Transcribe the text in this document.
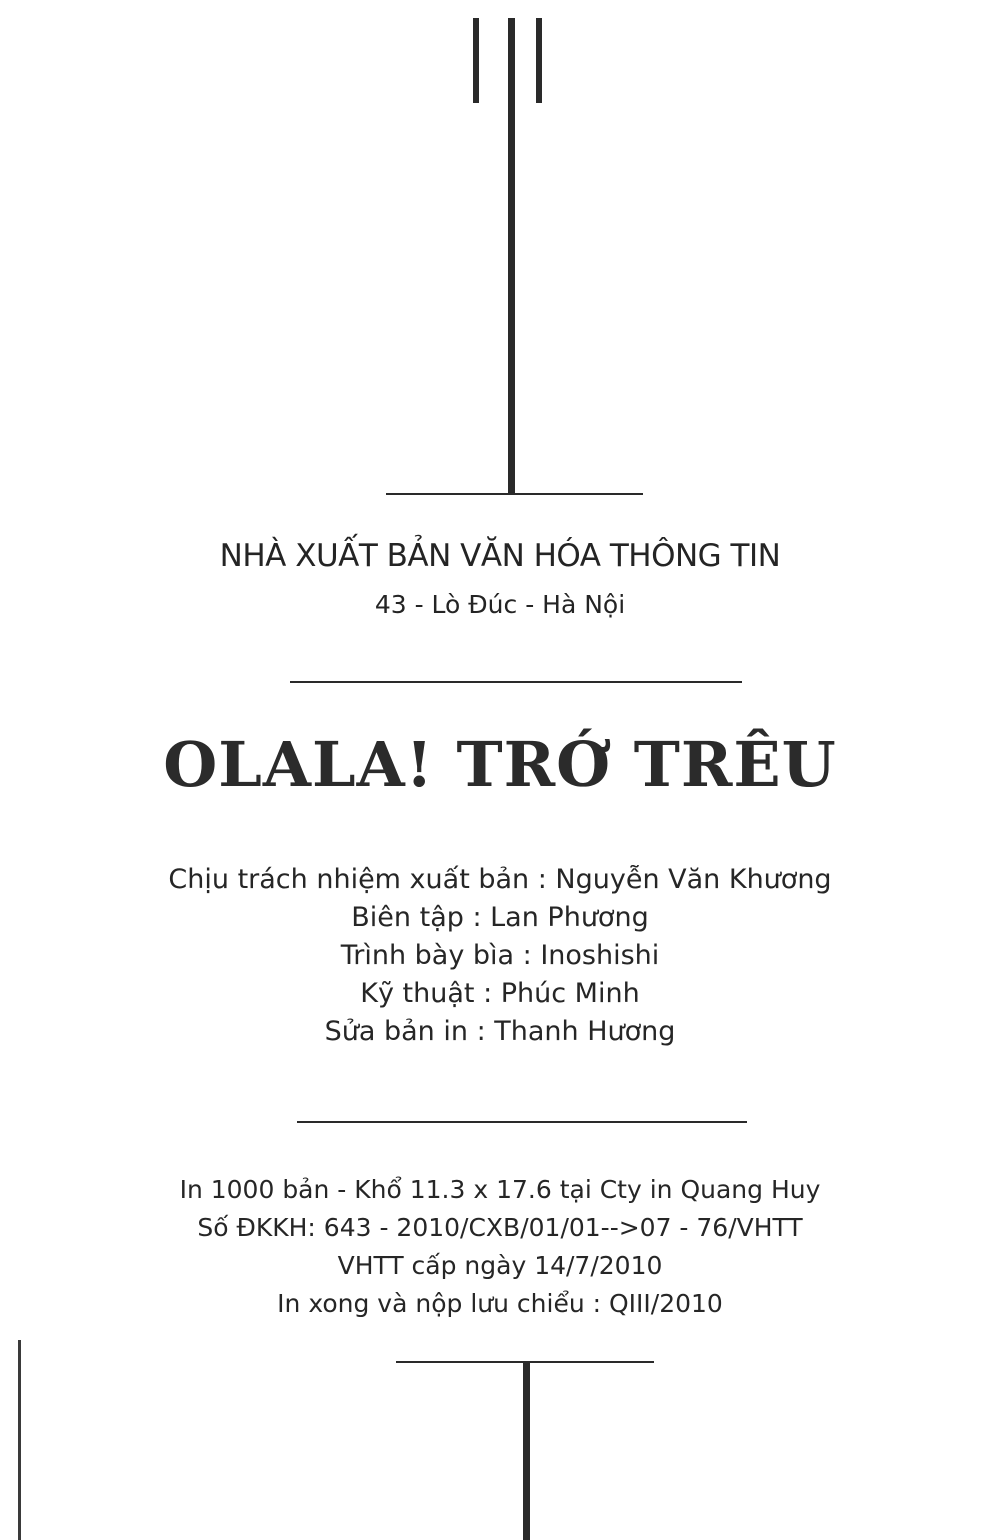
NHÀ XUẤT BẢN VĂN HÓA THÔNG TIN
43 - Lò Đúc - Hà Nội
OLALA! TRỚ TRÊU
Chịu trách nhiệm xuất bản : Nguyễn Văn Khương
Biên tập : Lan Phương
Trình bày bìa : Inoshishi
Kỹ thuật : Phúc Minh
Sửa bản in : Thanh Hương
In 1000 bản - Khổ 11.3 x 17.6 tại Cty in Quang Huy
Số ĐKKH: 643 - 2010/CXB/01/01-->07 - 76/VHTT
VHTT cấp ngày 14/7/2010
In xong và nộp lưu chiểu : QIII/2010
